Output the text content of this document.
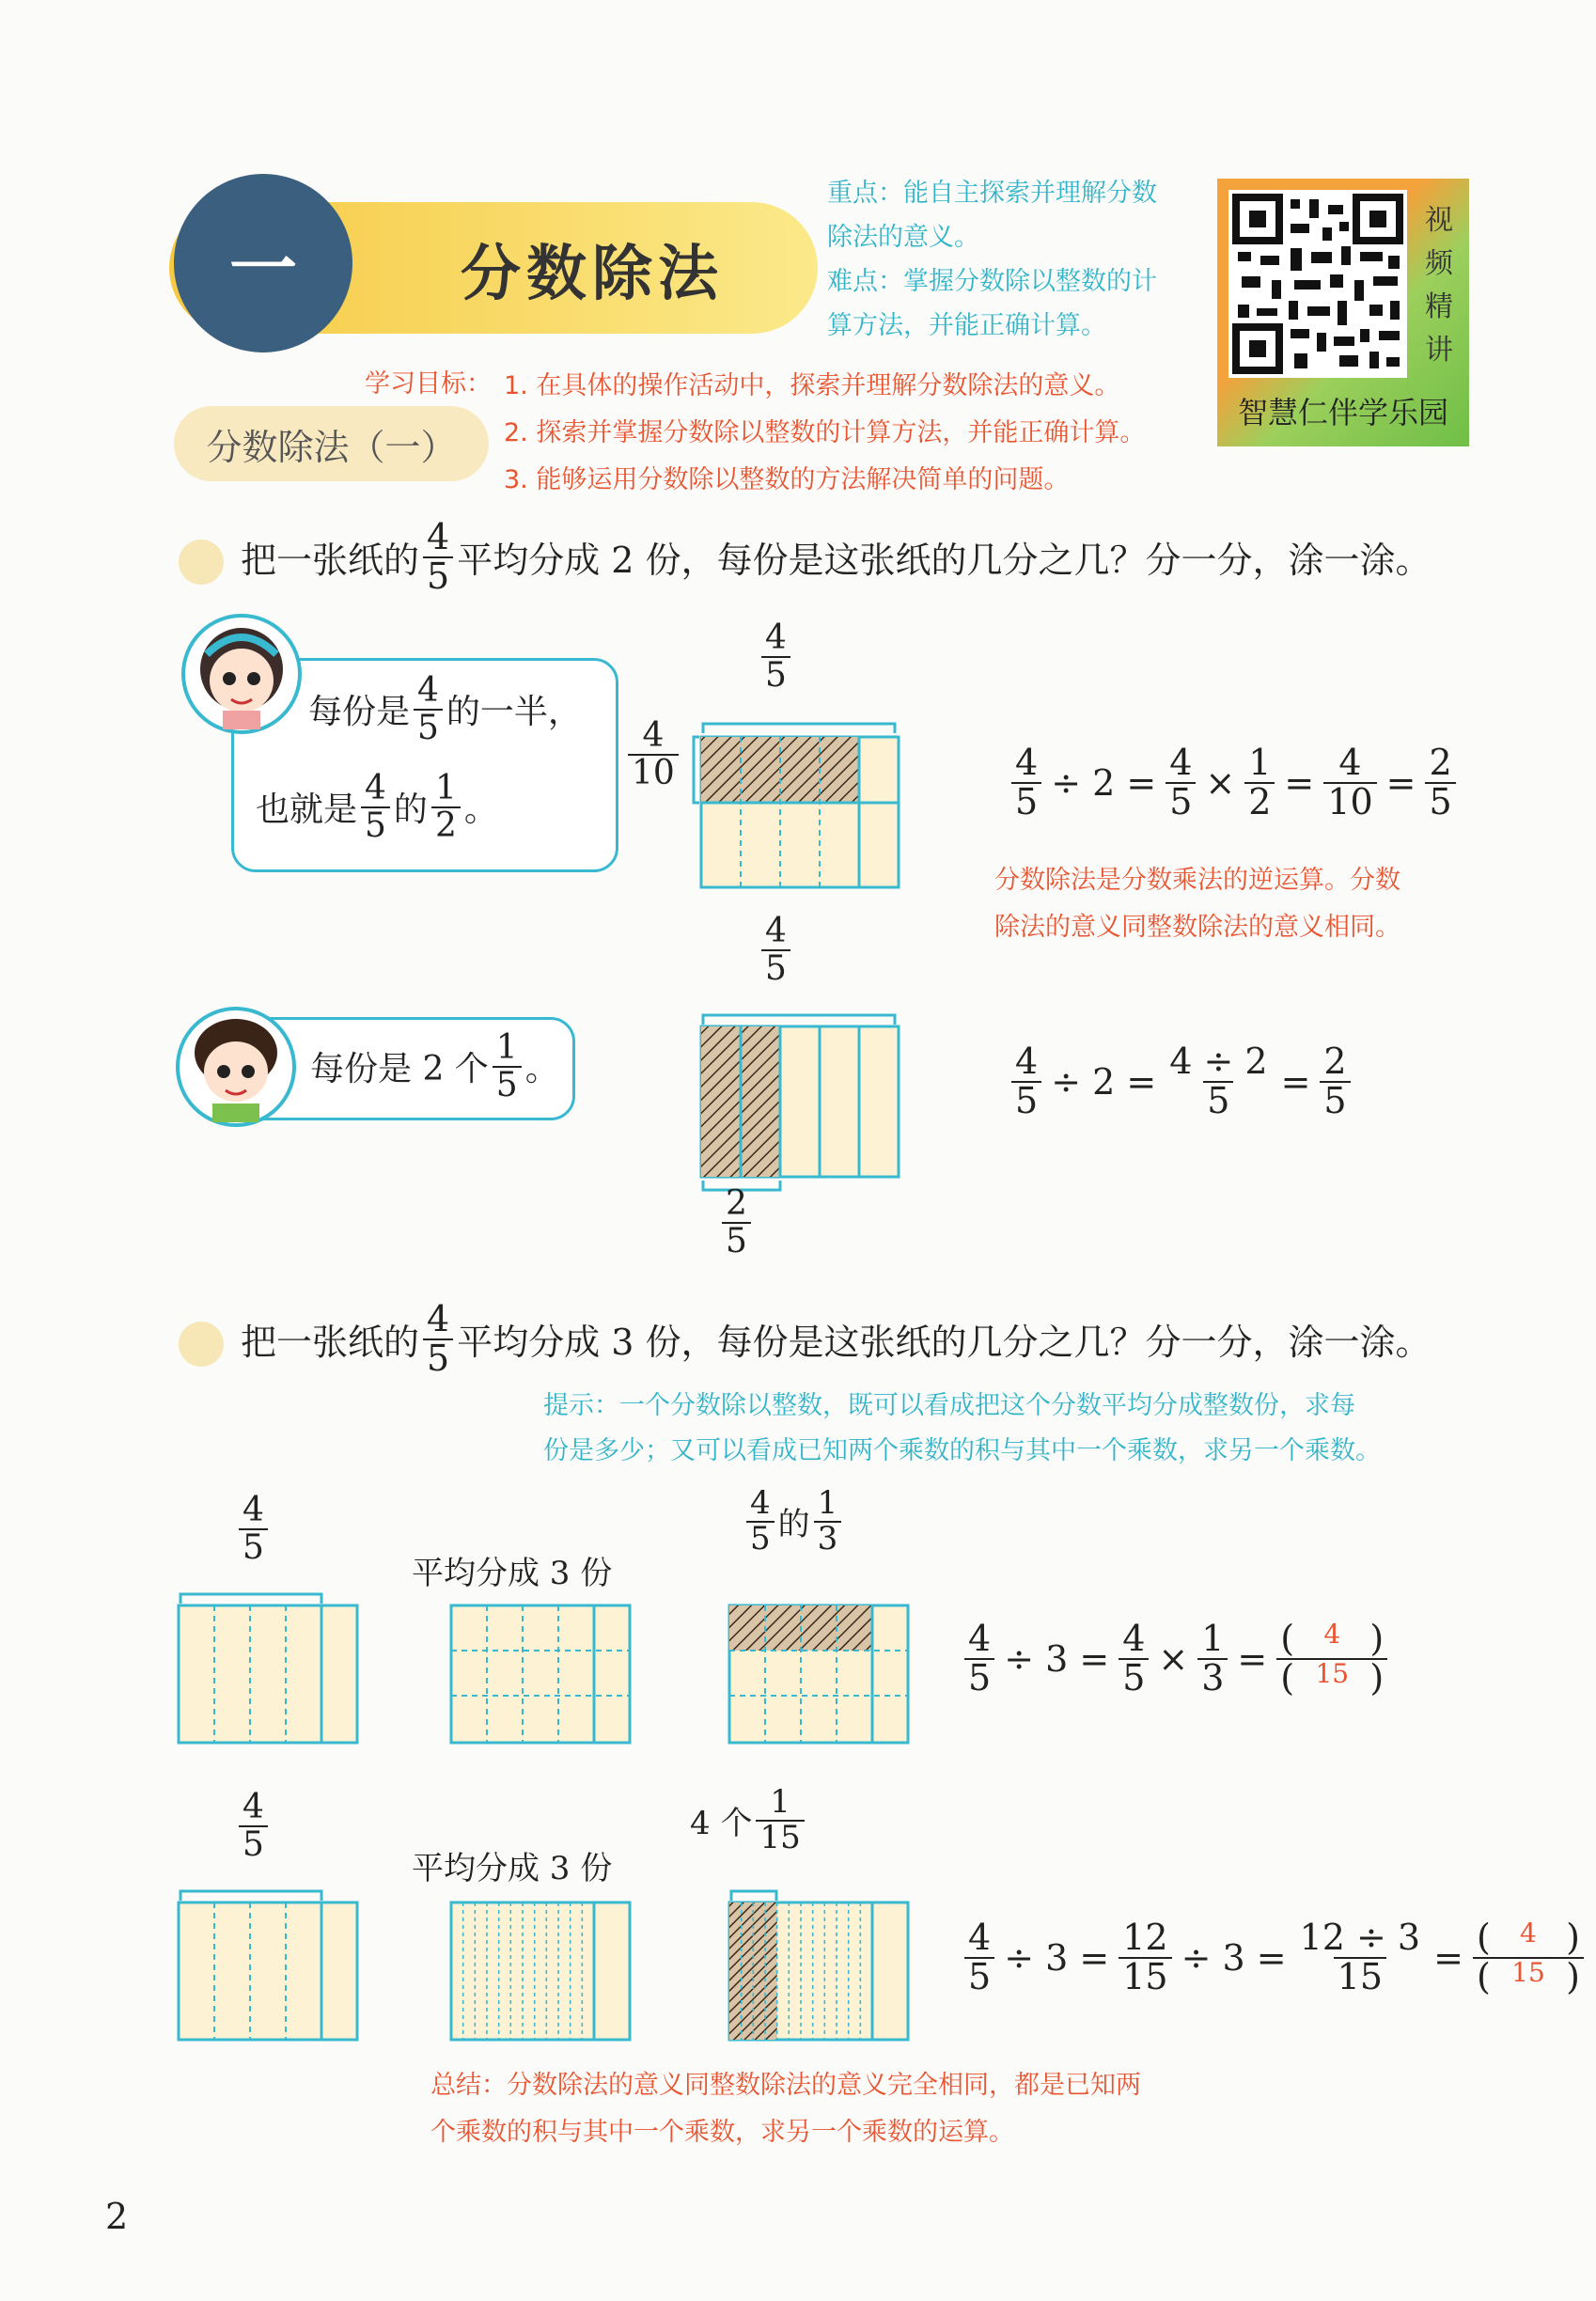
一	分数除法
重点：能自主探索并理解分数
除法的意义。
难点：掌握分数除以整数的计
算方法，并能正确计算。
视
频
精
讲
智慧仁伴学乐园
学习目标： 1. 在具体的操作活动中，探索并理解分数除法的意义。
2. 探索并掌握分数除以整数的计算方法，并能正确计算。
3. 能够运用分数除以整数的方法解决简单的问题。
分数除法（一）
把一张纸的 $\frac{4}{5}$ 平均分成 2 份，每份是这张纸的几分之几？分一分，涂一涂。
每份是 $\frac{4}{5}$ 的一半，
也就是 $\frac{4}{5}$ 的 $\frac{1}{2}$ 。
$\frac{4}{5}$
$\frac{4}{10}$	$\frac{4}{5} \div 2 = \frac{4}{5} \times \frac{1}{2} = \frac{4}{10} = \frac{2}{5}$
分数除法是分数乘法的逆运算。分数
除法的意义同整数除法的意义相同。
每份是 2 个 $\frac{1}{5}$ 。
$\frac{4}{5}$
$\frac{2}{5}$
$\frac{4}{5} \div 2 = \frac{4 \div 2}{5} = \frac{2}{5}$
把一张纸的 $\frac{4}{5}$ 平均分成 3 份，每份是这张纸的几分之几？分一分，涂一涂。
提示：一个分数除以整数，既可以看成把这个分数平均分成整数份，求每
份是多少；又可以看成已知两个乘数的积与其中一个乘数，求另一个乘数。
$\frac{4}{5}$
平均分成 3 份
$\frac{4}{5}$ 的 $\frac{1}{3}$
$\frac{4}{5} \div 3 = \frac{4}{5} \times \frac{1}{3} = \frac{( 4 )}{( 15 )}$
$\frac{4}{5}$
平均分成 3 份
4 个 $\frac{1}{15}$
$\frac{4}{5} \div 3 = \frac{12}{15} \div 3 = \frac{12 \div 3}{15} = \frac{( 4 )}{( 15 )}$
总结：分数除法的意义同整数除法的意义完全相同，都是已知两
个乘数的积与其中一个乘数，求另一个乘数的运算。
2
